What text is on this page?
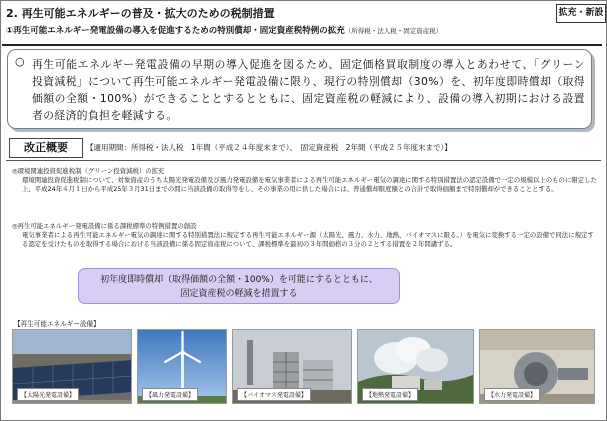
2. 再生可能エネルギーの普及・拡大のための税制措置
①再生可能エネルギー発電設備の導入を促進するための特別償却・固定資産税特例の拡充（所得税・法人税・固定資産税）
拡充・新設
○ 再生可能エネルギー発電設備の早期の導入促進を図るため、固定価格買取制度の導入とあわせて、「グリーン投資減税」について再生可能エネルギー発電設備に限り、現行の特別償却（30%）を、初年度即時償却（取得価額の全額・100%）ができることとするとともに、固定資産税の軽減により、設備の導入初期における設置者の経済的負担を軽減する。
改正概要	【適用期間：所得税・法人税　1年間（平成２４年度末まで）、　固定資産税　2年間（平成２５年度末まで）】
◎環境関連投資促進税制（グリーン投資減税）の拡充
環境関連投資促進税制について、対象資産のうち太陽光発電設備及び風力発電設備を電気事業者による再生可能エネルギー電気の調達に関する特別措置法の認定設備で一定の規模以上のものに限定した上、平成24年４月１日から平成25年３月31日までの間に当該設備の取得等をし、その事業の用に供した場合には、普通償却限度額との合計で取得価額まで特別償却ができることとする。
◎再生可能エネルギー発電設備に係る課税標準の特例措置の創設
電気事業者による再生可能エネルギー電気の調達に関する特別措置法に規定する再生可能エネルギー源（太陽光、風力、水力、地熱、バイオマスに限る。）を電気に変換する一定の設備で同法に規定する認定を受けたものを取得する場合における当該設備に係る固定資産税について、課税標準を最初の３年間価格の３分の２とする措置を２年間講ずる。
初年度即時償却（取得価額の全額・100%）を可能にするとともに、
固定資産税の軽減を措置する
【再生可能エネルギー設備】
【太陽光発電設備】	【風力発電設備】	【バイオマス発電設備】	【地熱発電設備】	【水力発電設備】
